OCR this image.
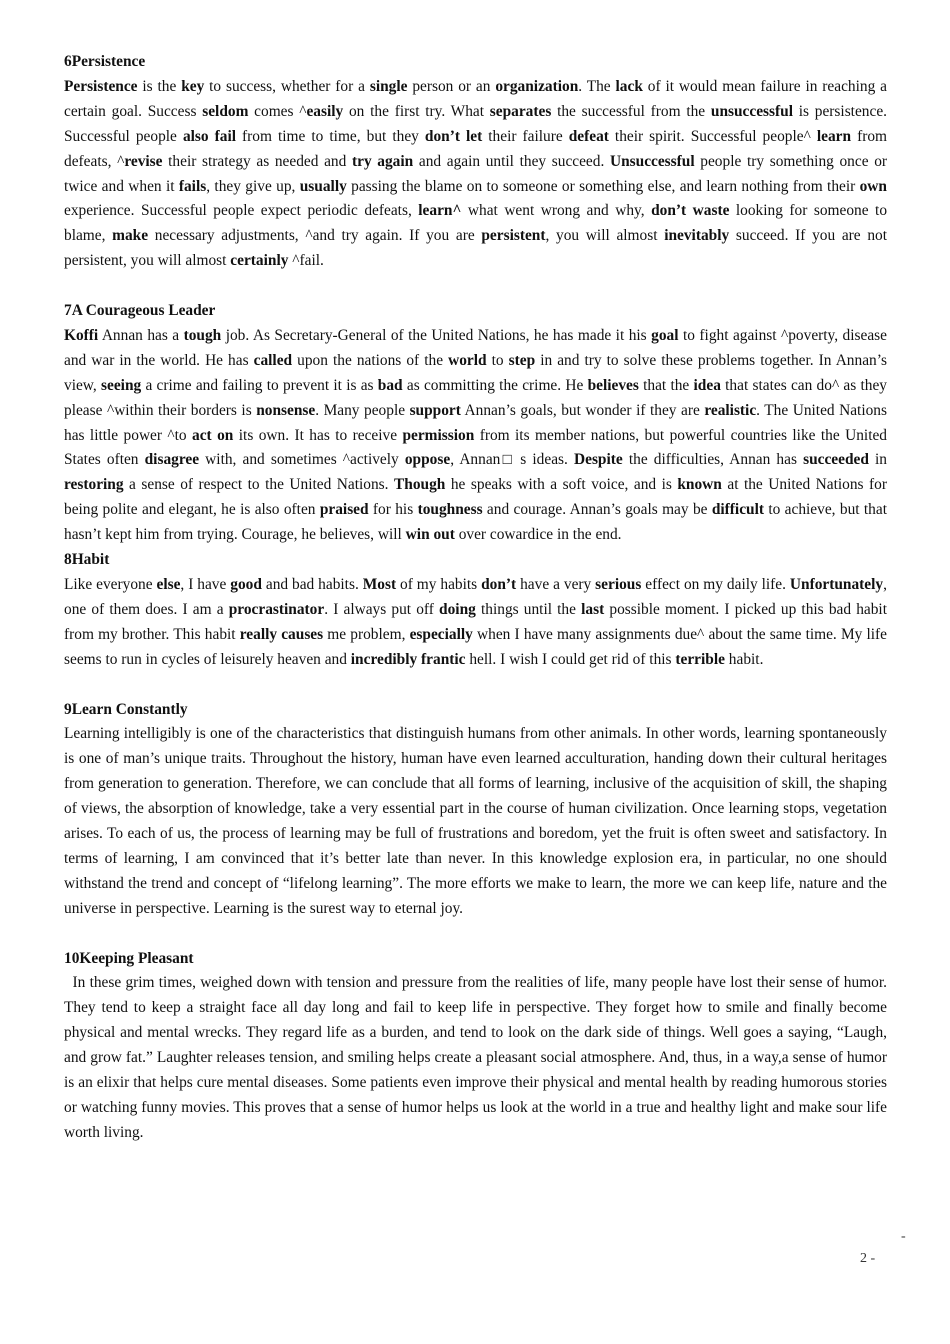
6Persistence

Persistence is the key to success, whether for a single person or an organization. The lack of it would mean failure in reaching a certain goal. Success seldom comes ^easily on the first try. What separates the successful from the unsuccessful is persistence. Successful people also fail from time to time, but they don’t let their failure defeat their spirit. Successful people^ learn from defeats, ^revise their strategy as needed and try again and again until they succeed. Unsuccessful people try something once or twice and when it fails, they give up, usually passing the blame on to someone or something else, and learn nothing from their own experience. Successful people expect periodic defeats, learn^ what went wrong and why, don’t waste looking for someone to blame, make necessary adjustments, ^and try again. If you are persistent, you will almost inevitably succeed. If you are not persistent, you will almost certainly ^fail.

7A Courageous Leader

Koffi Annan has a tough job. As Secretary-General of the United Nations, he has made it his goal to fight against ^poverty, disease and war in the world. He has called upon the nations of the world to step in and try to solve these problems together. In Annan’s view, seeing a crime and failing to prevent it is as bad as committing the crime. He believes that the idea that states can do^ as they please ^within their borders is nonsense. Many people support Annan’s goals, but wonder if they are realistic. The United Nations has little power ^to act on its own. It has to receive permission from its member nations, but powerful countries like the United States often disagree with, and sometimes ^actively oppose, Annan□ s ideas. Despite the difficulties, Annan has succeeded in restoring a sense of respect to the United Nations. Though he speaks with a soft voice, and is known at the United Nations for being polite and elegant, he is also often praised for his toughness and courage. Annan’s goals may be difficult to achieve, but that hasn’t kept him from trying. Courage, he believes, will win out over cowardice in the end.

8Habit

Like everyone else, I have good and bad habits. Most of my habits don’t have a very serious effect on my daily life. Unfortunately, one of them does. I am a procrastinator. I always put off doing things until the last possible moment. I picked up this bad habit from my brother. This habit really causes me problem, especially when I have many assignments due^ about the same time. My life seems to run in cycles of leisurely heaven and incredibly frantic hell. I wish I could get rid of this terrible habit.

9Learn Constantly

Learning intelligibly is one of the characteristics that distinguish humans from other animals. In other words, learning spontaneously is one of man’s unique traits. Throughout the history, human have even learned acculturation, handing down their cultural heritages from generation to generation. Therefore, we can conclude that all forms of learning, inclusive of the acquisition of skill, the shaping of views, the absorption of knowledge, take a very essential part in the course of human civilization. Once learning stops, vegetation arises. To each of us, the process of learning may be full of frustrations and boredom, yet the fruit is often sweet and satisfactory. In terms of learning, I am convinced that it’s better late than never. In this knowledge explosion era, in particular, no one should withstand the trend and concept of “lifelong learning”. The more efforts we make to learn, the more we can keep life, nature and the universe in perspective. Learning is the surest way to eternal joy.

10Keeping Pleasant

In these grim times, weighed down with tension and pressure from the realities of life, many people have lost their sense of humor. They tend to keep a straight face all day long and fail to keep life in perspective. They forget how to smile and finally become physical and mental wrecks. They regard life as a burden, and tend to look on the dark side of things. Well goes a saying, “Laugh, and grow fat.” Laughter releases tension, and smiling helps create a pleasant social atmosphere. And, thus, in a way,a sense of humor is an elixir that helps cure mental diseases. Some patients even improve their physical and mental health by reading humorous stories or watching funny movies. This proves that a sense of humor helps us look at the world in a true and healthy light and make sour life worth living.

-
2 -
